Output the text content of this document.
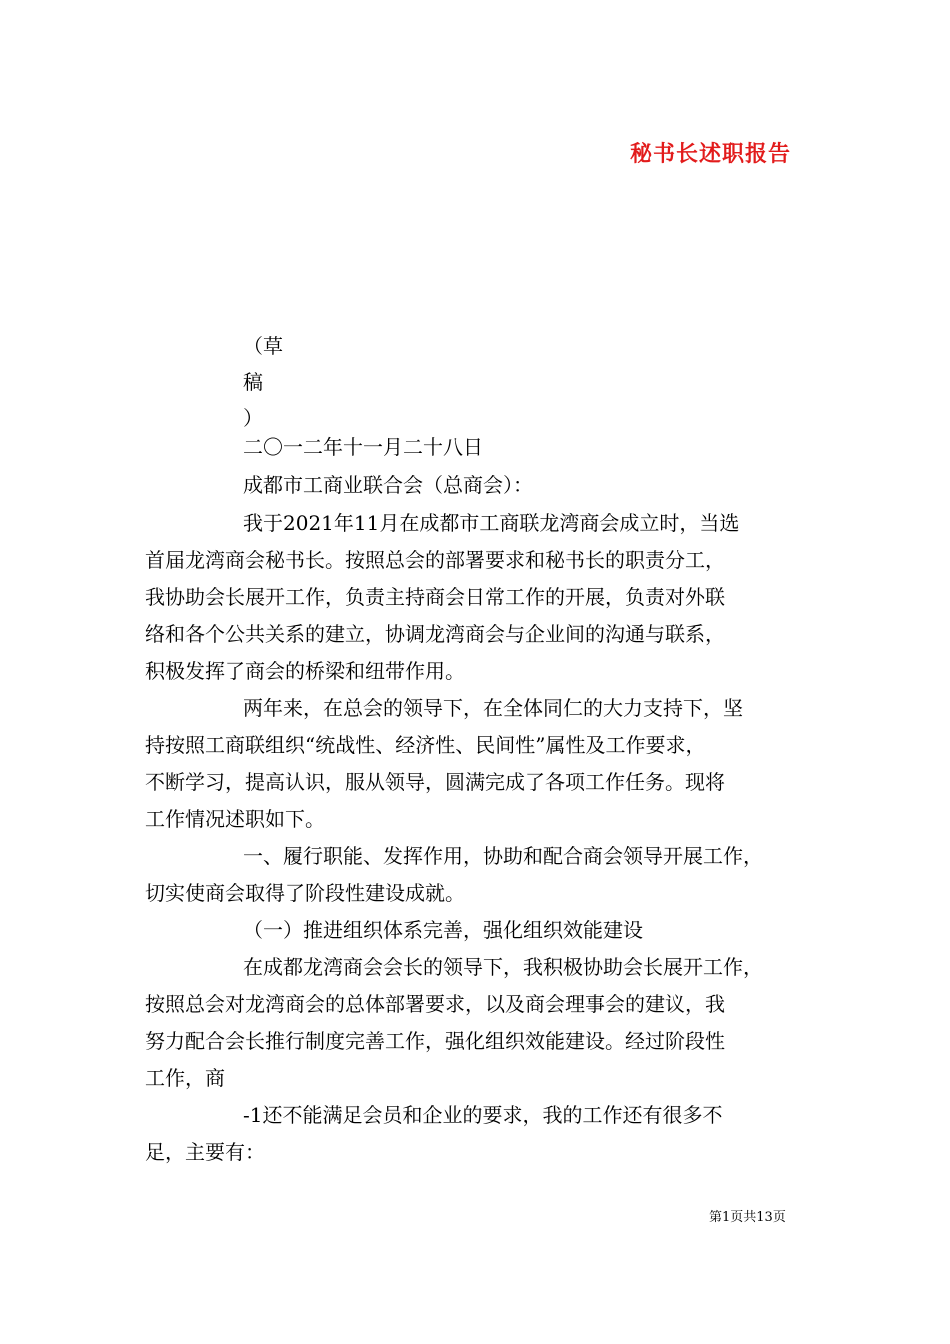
秘书长述职报告
（草
稿
）
二〇一二年十一月二十八日
成都市工商业联合会（总商会）：
我于2021年11月在成都市工商联龙湾商会成立时，当选
首届龙湾商会秘书长。按照总会的部署要求和秘书长的职责分工，
我协助会长展开工作，负责主持商会日常工作的开展，负责对外联
络和各个公共关系的建立，协调龙湾商会与企业间的沟通与联系，
积极发挥了商会的桥梁和纽带作用。
两年来，在总会的领导下，在全体同仁的大力支持下，坚
持按照工商联组织“统战性、经济性、民间性”属性及工作要求，
不断学习，提高认识，服从领导，圆满完成了各项工作任务。现将
工作情况述职如下。
一、履行职能、发挥作用，协助和配合商会领导开展工作，
切实使商会取得了阶段性建设成就。
（一）推进组织体系完善，强化组织效能建设
在成都龙湾商会会长的领导下，我积极协助会长展开工作，
按照总会对龙湾商会的总体部署要求，以及商会理事会的建议，我
努力配合会长推行制度完善工作，强化组织效能建设。经过阶段性
工作，商
-1还不能满足会员和企业的要求，我的工作还有很多不
足，主要有：
第1页共13页
